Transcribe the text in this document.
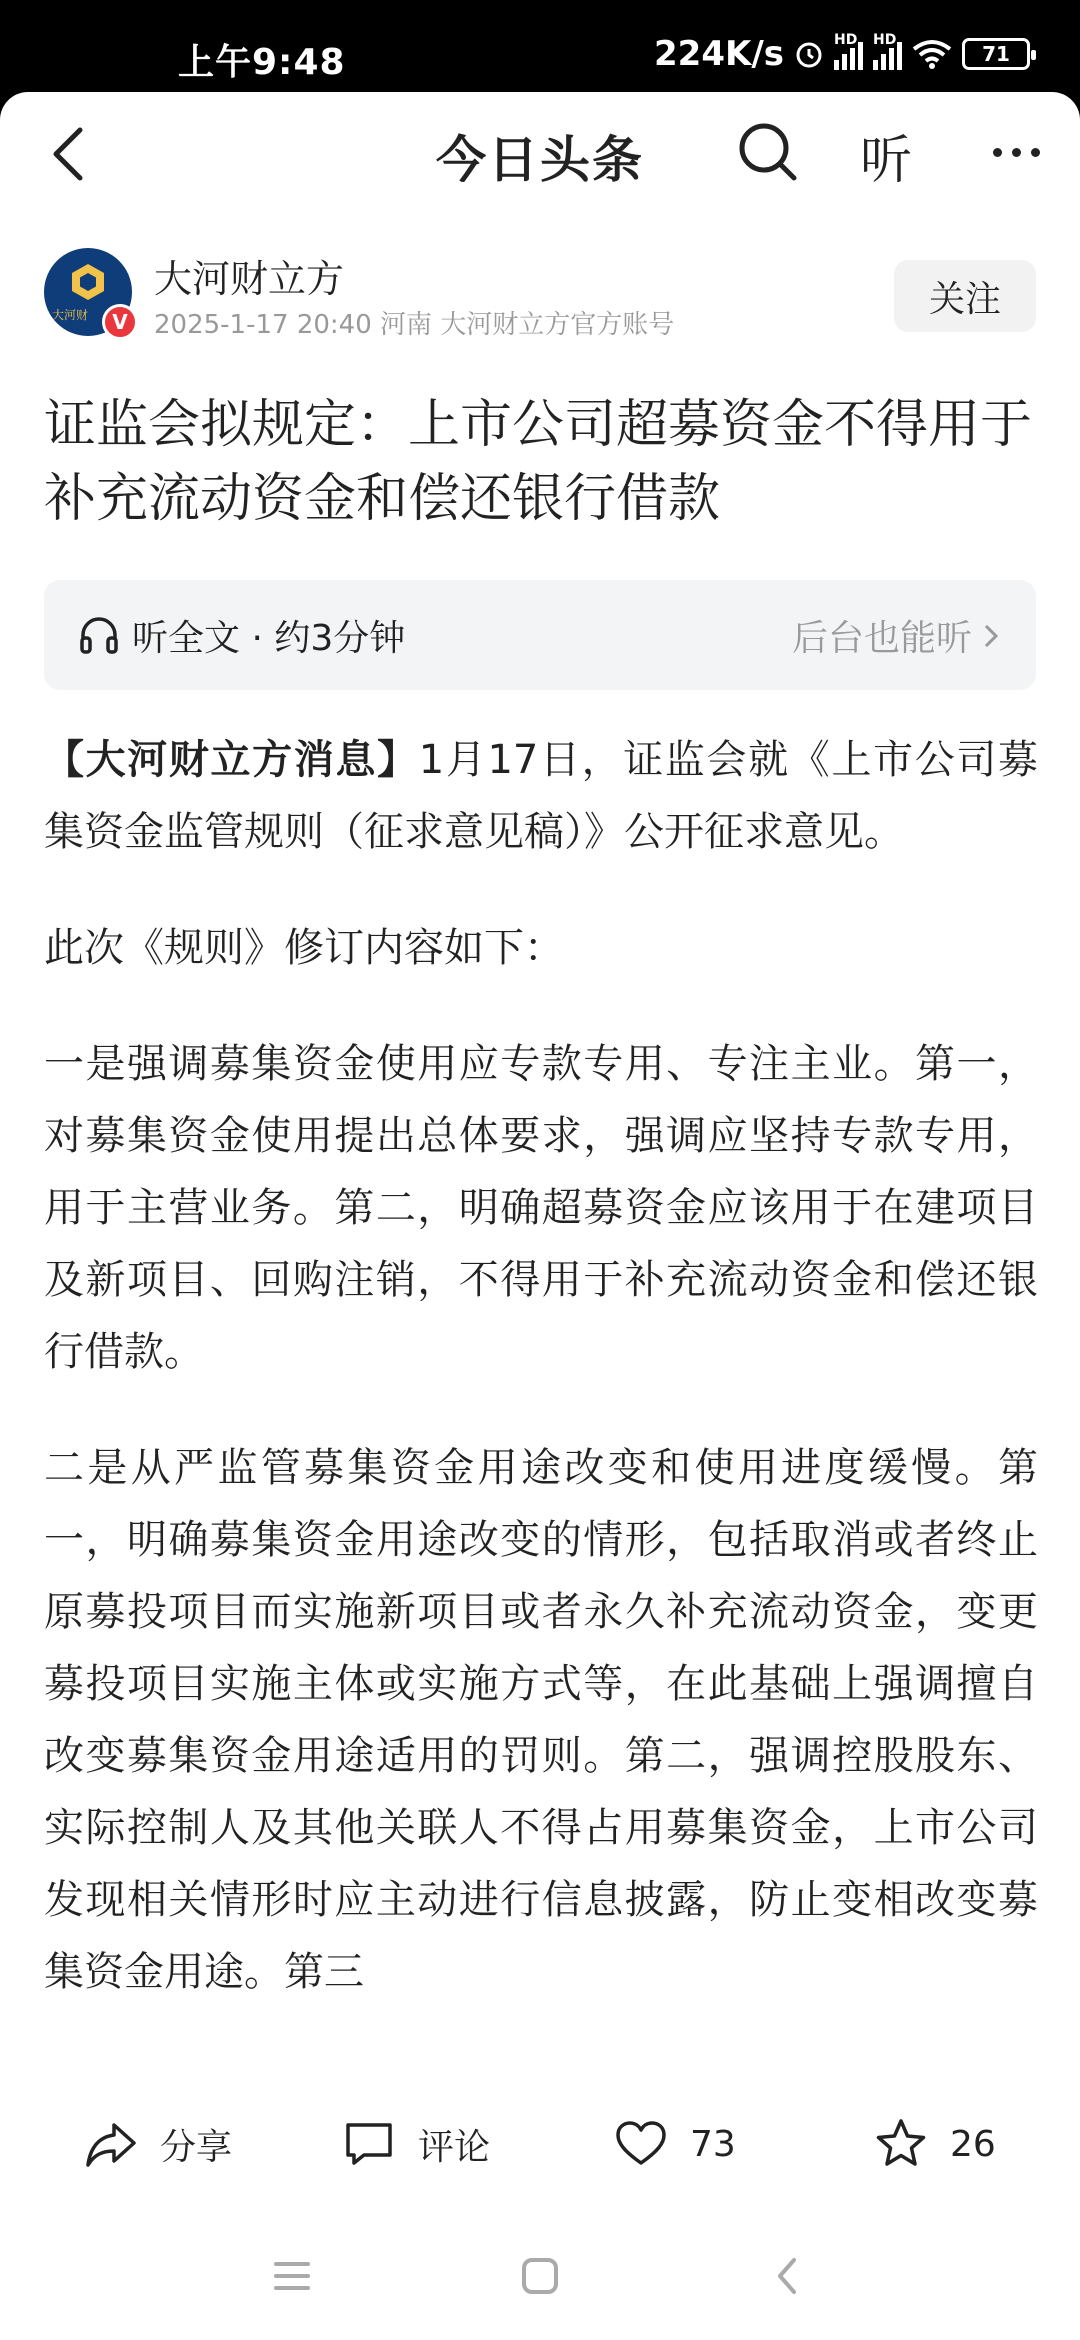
上午9:48	224K/s	HD HD
71
今日头条	听
大河财	V
大河财立方
2025-1-17 20:40 河南 大河财立方官方账号
关注
证监会拟规定：上市公司超募资金不得用于补充流动资金和偿还银行借款
听全文 · 约3分钟	后台也能听

【大河财立方消息】1月17日，证监会就《上市公司募集资金监管规则（征求意见稿）》公开征求意见。

此次《规则》修订内容如下：

一是强调募集资金使用应专款专用、专注主业。第一，对募集资金使用提出总体要求，强调应坚持专款专用，用于主营业务。第二，明确超募资金应该用于在建项目及新项目、回购注销，不得用于补充流动资金和偿还银行借款。

二是从严监管募集资金用途改变和使用进度缓慢。第一，明确募集资金用途改变的情形，包括取消或者终止原募投项目而实施新项目或者永久补充流动资金，变更募投项目实施主体或实施方式等，在此基础上强调擅自改变募集资金用途适用的罚则。第二，强调控股股东、实际控制人及其他关联人不得占用募集资金，上市公司发现相关情形时应主动进行信息披露，防止变相改变募集资金用途。第三

分享	评论	73	26
